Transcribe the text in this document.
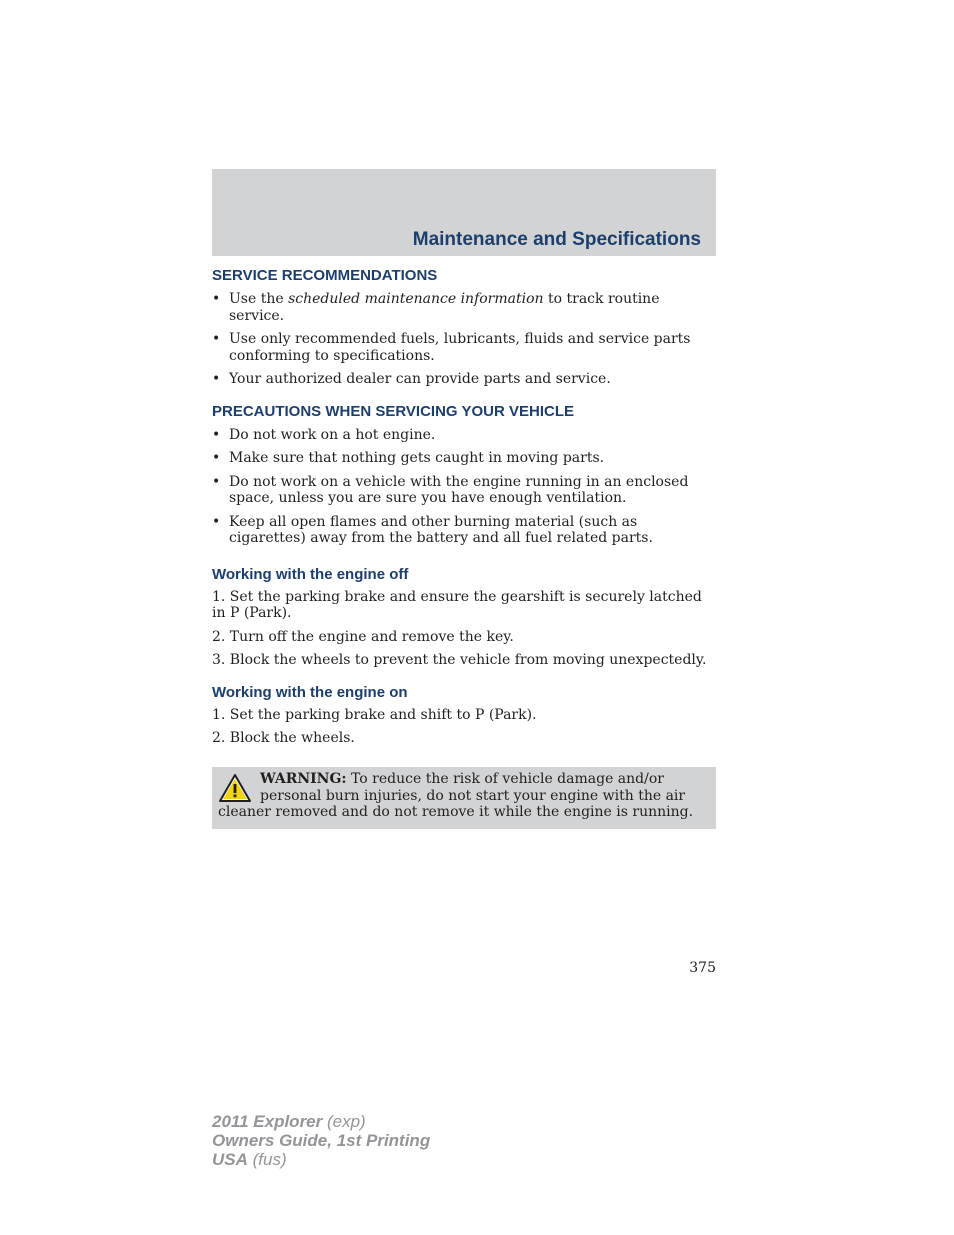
Maintenance and Specifications
SERVICE RECOMMENDATIONS
• Use the scheduled maintenance information to track routine service.
• Use only recommended fuels, lubricants, fluids and service parts conforming to specifications.
• Your authorized dealer can provide parts and service.
PRECAUTIONS WHEN SERVICING YOUR VEHICLE
• Do not work on a hot engine.
• Make sure that nothing gets caught in moving parts.
• Do not work on a vehicle with the engine running in an enclosed space, unless you are sure you have enough ventilation.
• Keep all open flames and other burning material (such as cigarettes) away from the battery and all fuel related parts.
Working with the engine off

1. Set the parking brake and ensure the gearshift is securely latched in P (Park).

2. Turn off the engine and remove the key.

3. Block the wheels to prevent the vehicle from moving unexpectedly.

Working with the engine on

1. Set the parking brake and shift to P (Park).

2. Block the wheels.

WARNING: To reduce the risk of vehicle damage and/or personal burn injuries, do not start your engine with the air cleaner removed and do not remove it while the engine is running.
375
2011 Explorer (exp)
Owners Guide, 1st Printing
USA (fus)
